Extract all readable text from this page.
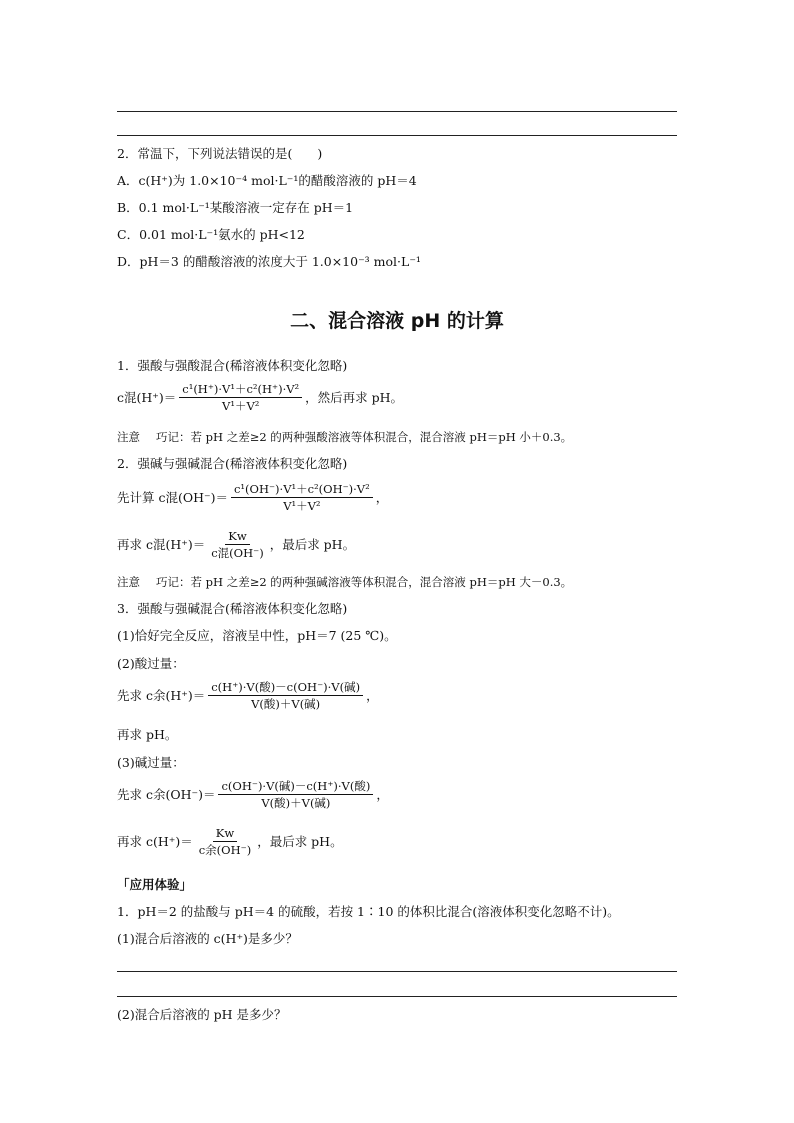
2．常温下，下列说法错误的是(　　)
A．c(H⁺)为 1.0×10⁻⁴ mol·L⁻¹的醋酸溶液的 pH＝4
B．0.1 mol·L⁻¹某酸溶液一定存在 pH＝1
C．0.01 mol·L⁻¹氨水的 pH<12
D．pH＝3 的醋酸溶液的浓度大于 1.0×10⁻³ mol·L⁻¹
二、混合溶液 pH 的计算
1．强酸与强酸混合(稀溶液体积变化忽略)
c混$(H^+)= \frac{\text{c¹(H⁺)·V¹＋c²(H⁺)·V²}}{\text{V¹＋V²}}$ ，然后再求 pH。
注意 巧记：若 pH 之差≥2 的两种强酸溶液等体积混合，混合溶液 pH＝pH 小＋0.3。
2．强碱与强碱混合(稀溶液体积变化忽略)
先计算 c混$(OH^-)= \frac{\text{c¹(OH⁻)·V¹＋c²(OH⁻)·V²}}{\text{V¹＋V²}}$ ，
再求 c混$(H^+)= \frac{Kw}{\text{c混(OH⁻)}}$ ，最后求 pH。
注意 巧记：若 pH 之差≥2 的两种强碱溶液等体积混合，混合溶液 pH＝pH 大－0.3。
3．强酸与强碱混合(稀溶液体积变化忽略)
(1)恰好完全反应，溶液呈中性，pH＝7 (25 ℃)。
(2)酸过量：
先求 c余$(H^+)= \frac{\text{c(H⁺)·V(酸)－c(OH⁻)·V(碱)}}{\text{V(酸)＋V(碱)}}$ ，
再求 pH。
(3)碱过量：
先求 c余$(OH^-)= \frac{\text{c(OH⁻)·V(碱)－c(H⁺)·V(酸)}}{\text{V(酸)＋V(碱)}}$ ，
再求 $c(H^+)= \frac{Kw}{\text{c余(OH⁻)}}$ ，最后求 pH。
「应用体验」
1．pH＝2 的盐酸与 pH＝4 的硫酸，若按 1∶10 的体积比混合(溶液体积变化忽略不计)。
(1)混合后溶液的 c(H⁺)是多少？
(2)混合后溶液的 pH 是多少？
